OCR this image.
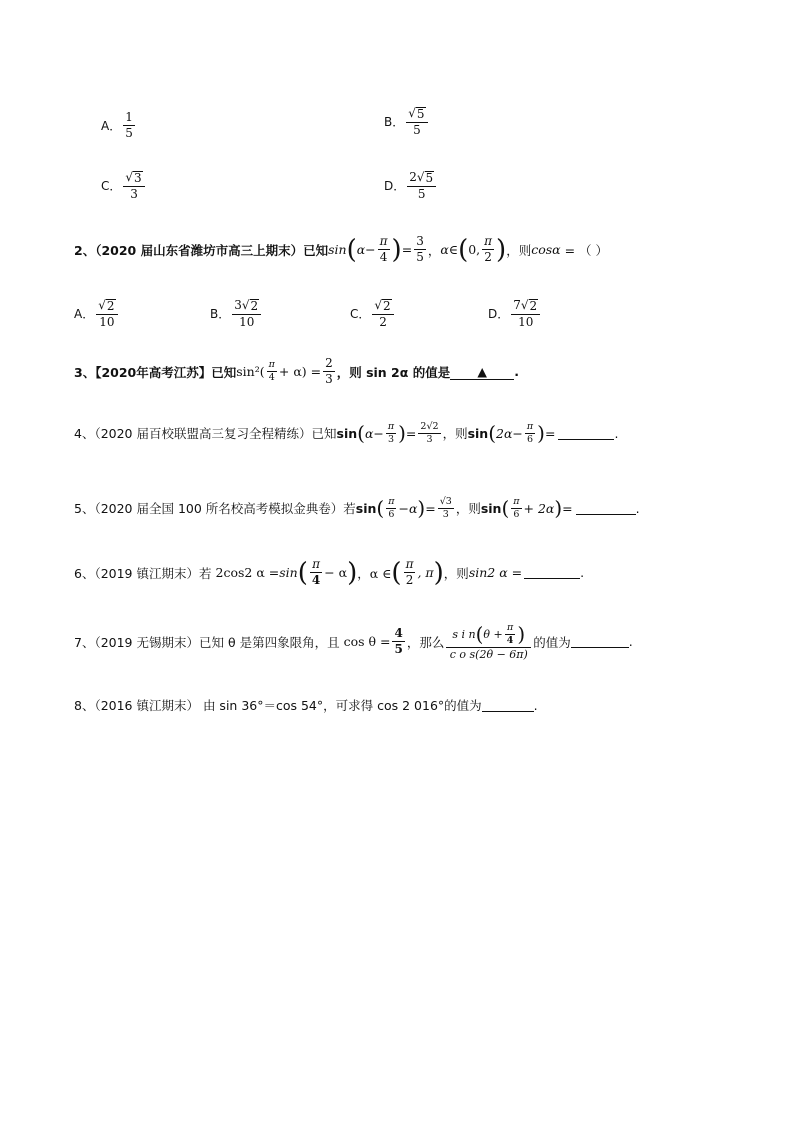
A． $\frac{1}{5}$	B． $\frac{√ 5}{5}$
C． $\frac{√ 3}{3}$	D． $\frac{2 √ 5}{5}$
2、（2020 届山东省潍坊市高三上期末）已知 sin ( $\alpha - \frac{\pi}{4}$ ) = $\frac{3}{5}$ ， α ∈ ( 0, $\frac{\pi}{2}$ ) ，则 cosα = （ ）
A． $\frac{√ 2}{10}$	B． $\frac{3 √ 2}{10}$	C． $\frac{√ 2}{2}$	D． $\frac{7 √ 2}{10}$
3、【2020年高考江苏】已知 sin² ( $\frac{\pi}{4} + \alpha) = \frac{2}{3}$ ，则 sin 2α 的值是	▲	.
4、（2020 届百校联盟高三复习全程精练）已知 sin ( $\alpha- \frac{\pi}{3}$ ) = $\frac{2√2}{3}$ ，则 sin ( $2\alpha- \frac{\pi}{6}$ ) =	.
5、（2020 届全国 100 所名校高考模拟金典卷）若 sin ( $\frac{\pi}{6} -\alpha$ ) = $\frac{√3}{3}$ ，则 sin ( $\frac{\pi}{6} + 2\alpha$ ) =	.
6、（2019 镇江期末）若 2cos2 α = sin ( $\frac{\pi}{4} - \alpha$ ) ，α ∈ ( $\frac{\pi}{2}$ , π ) ，则 sin2 α =	.
7、（2019 无锡期末）已知 θ 是第四象限角，且 $\cos \theta = \frac{4}{5}$ ，那么 $\frac{s i n ( \theta + \frac{\pi}{4} )}{\text{c o s(2θ − 6π)}}$ 的值为	.
8、（2016 镇江期末） 由 sin 36°＝cos 54°，可求得 cos 2 016°的值为	.
